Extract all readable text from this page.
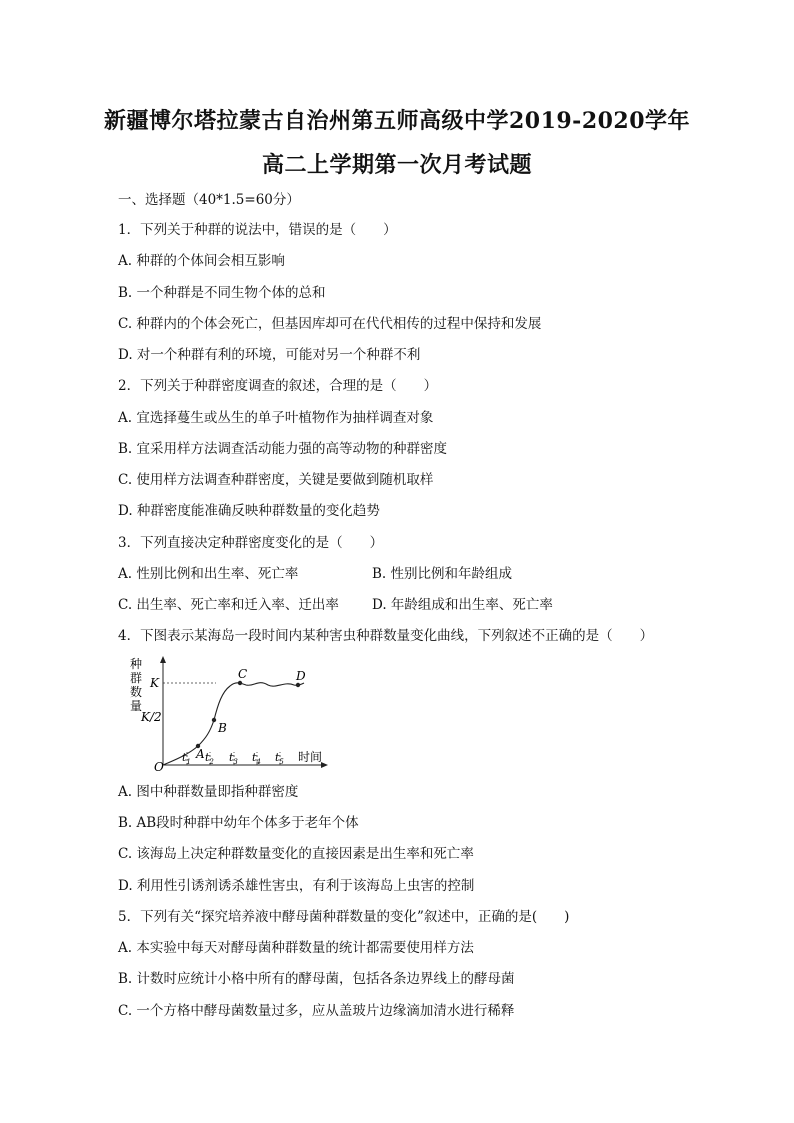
新疆博尔塔拉蒙古自治州第五师高级中学2019-2020学年
高二上学期第一次月考试题
一、选择题（40*1.5=60分）
1．下列关于种群的说法中，错误的是（　　）
A. 种群的个体间会相互影响
B. 一个种群是不同生物个体的总和
C. 种群内的个体会死亡，但基因库却可在代代相传的过程中保持和发展
D. 对一个种群有利的环境，可能对另一个种群不利
2．下列关于种群密度调查的叙述，合理的是（　　）
A. 宜选择蔓生或丛生的单子叶植物作为抽样调查对象
B. 宜采用样方法调查活动能力强的高等动物的种群密度
C. 使用样方法调查种群密度，关键是要做到随机取样
D. 种群密度能准确反映种群数量的变化趋势
3．下列直接决定种群密度变化的是（　　）
A. 性别比例和出生率、死亡率	B. 性别比例和年龄组成
C. 出生率、死亡率和迁入率、迁出率 D. 年龄组成和出生率、死亡率
4．下图表示某海岛一段时间内某种害虫种群数量变化曲线，下列叙述不正确的是（　　）
种
群
数
量
K
K/2
O
A
B
C	D
$t_1$ $t_2$ $t_3$ $t_4$ $t_5$ 时间
A. 图中种群数量即指种群密度
B. AB段时种群中幼年个体多于老年个体
C. 该海岛上决定种群数量变化的直接因素是出生率和死亡率
D. 利用性引诱剂诱杀雄性害虫，有利于该海岛上虫害的控制
5．下列有关“探究培养液中酵母菌种群数量的变化”叙述中，正确的是(　　)
A. 本实验中每天对酵母菌种群数量的统计都需要使用样方法
B. 计数时应统计小格中所有的酵母菌，包括各条边界线上的酵母菌
C. 一个方格中酵母菌数量过多，应从盖玻片边缘滴加清水进行稀释
